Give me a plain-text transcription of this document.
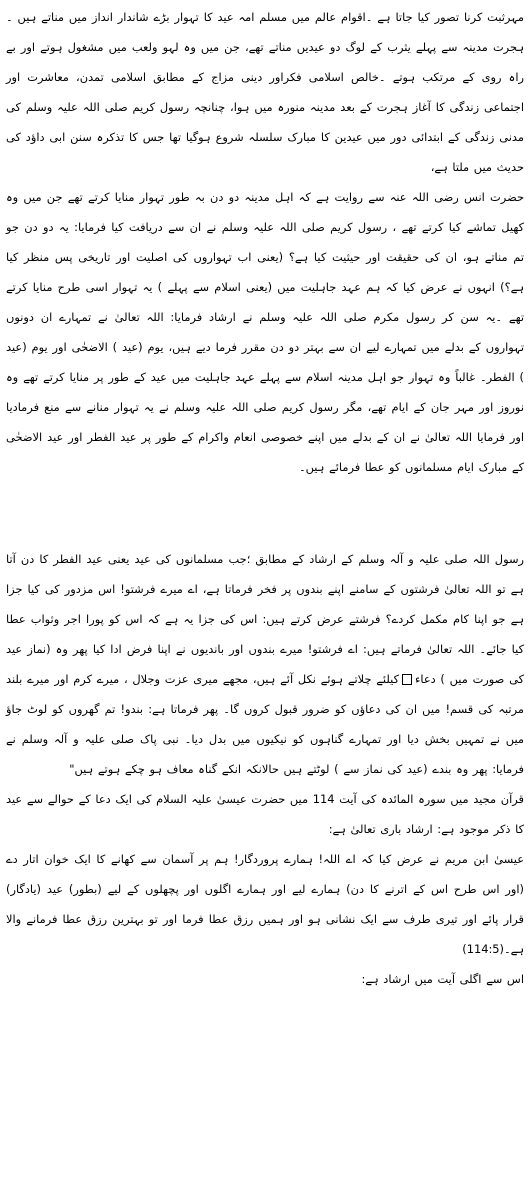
مہرثبت کرنا تصور کیا جاتا ہے ۔اقوام عالم میں مسلم امہ عید کا تہوار بڑے شاندار انداز میں مناتے ہیں ۔ہجرت مدینہ سے پہلے یثرب کے لوگ دو عیدیں مناتے تھے، جن میں وہ لہو ولعب میں مشغول ہوتے اور بے راہ روی کے مرتکب ہوتے ۔خالص اسلامی فکراور دینی مزاج کے مطابق اسلامی تمدن، معاشرت اور اجتماعی زندگی کا آغاز ہجرت کے بعد مدینہ منورہ میں ہوا، چنانچہ رسول کریم صلی اللہ علیہ وسلم کی مدنی زندگی کے ابتدائی دور میں عیدین کا مبارک سلسلہ شروع ہوگیا تھا جس کا تذکرہ سنن ابی داؤد کی حدیث میں ملتا ہے،

حضرت انس رضی اللہ عنہ سے روایت ہے کہ اہل مدینہ دو دن بہ طور تہوار منایا کرتے تھے جن میں وہ کھیل تماشے کیا کرتے تھے ، رسول کریم صلی اللہ علیہ وسلم نے ان سے دریافت کیا فرمایا: یہ دو دن جو تم مناتے ہو، ان کی حقیقت اور حیثیت کیا ہے؟ (یعنی اب تہواروں کی اصلیت اور تاریخی پس منظر کیا ہے؟) انہوں نے عرض کیا کہ ہم عہد جاہلیت میں (یعنی اسلام سے پہلے ) یہ تہوار اسی طرح منایا کرتے تھے ۔یہ سن کر رسول مکرم صلی اللہ علیہ وسلم نے ارشاد فرمایا: اللہ تعالیٰ نے تمہارے ان دونوں تہواروں کے بدلے میں تمہارے لیے ان سے بہتر دو دن مقرر فرما دیے ہیں، یوم (عید ) الاضحٰی اور یوم (عید ) الفطر۔ غالباً وہ تہوار جو اہل مدینہ اسلام سے پہلے عہد جاہلیت میں عید کے طور پر منایا کرتے تھے وہ نوروز اور مہر جان کے ایام تھے، مگر رسول کریم صلی اللہ علیہ وسلم نے یہ تہوار منانے سے منع فرمادیا اور فرمایا اللہ تعالیٰ نے ان کے بدلے میں اپنے خصوصی انعام واکرام کے طور پر عید الفطر اور عید الاضحٰی کے مبارک ایام مسلمانوں کو عطا فرمائے ہیں۔

رسول اللہ صلی علیہ و آلہ وسلم کے ارشاد کے مطابق ؛جب مسلمانوں کی عید یعنی عید الفطر کا دن آتا ہے تو اللہ تعالیٰ فرشتوں کے سامنے اپنے بندوں پر فخر فرماتا ہے، اے میرے فرشتو! اس مزدور کی کیا جزا ہے جو اپنا کام مکمل کردے؟ فرشتے عرض کرتے ہیں: اس کی جزا یہ ہے کہ اس کو پورا اجر وثواب عطا کیا جائے۔ اللہ تعالیٰ فرماتے ہیں: اے فرشتو! میرے بندوں اور باندیوں نے اپنا فرض ادا کیا پھر وہ (نماز عید کی صورت میں ) دعاءکیلئے چلاتے ہوئے نکل آئے ہیں، مجھے میری عزت وجلال ، میرے کرم اور میرے بلند مرتبہ کی قسم! میں ان کی دعاؤں کو ضرور قبول کروں گا۔ پھر فرماتا ہے: بندو! تم گھروں کو لوٹ جاؤ میں نے تمہیں بخش دیا اور تمہارے گناہوں کو نیکیوں میں بدل دیا۔ نبی پاک صلی علیہ و آلہ وسلم نے فرمایا: پھر وہ بندے (عید کی نماز سے ) لوٹتے ہیں حالانکہ انکے گناہ معاف ہو چکے ہوتے ہیں"

قرآن مجید میں سورہ المائدہ کی آیت 114 میں حضرت عیسیٰ علیہ السلام کی ایک دعا کے حوالے سے عید کا ذکر موجود ہے: ارشاد باری تعالیٰ ہے:

عیسیٰ ابن مریم نے عرض کیا کہ اے اللہ! ہمارے پروردگار! ہم پر آسمان سے کھانے کا ایک خوان اتار دے (اور اس طرح اس کے اترنے کا دن) ہمارے لیے اور ہمارے اگلوں اور پچھلوں کے لیے (بطور) عید (یادگار) قرار پائے اور تیری طرف سے ایک نشانی ہو اور ہمیں رزق عطا فرما اور تو بہترین رزق عطا فرمانے والا ہے۔(114:5)

اس سے اگلی آیت میں ارشاد ہے:
